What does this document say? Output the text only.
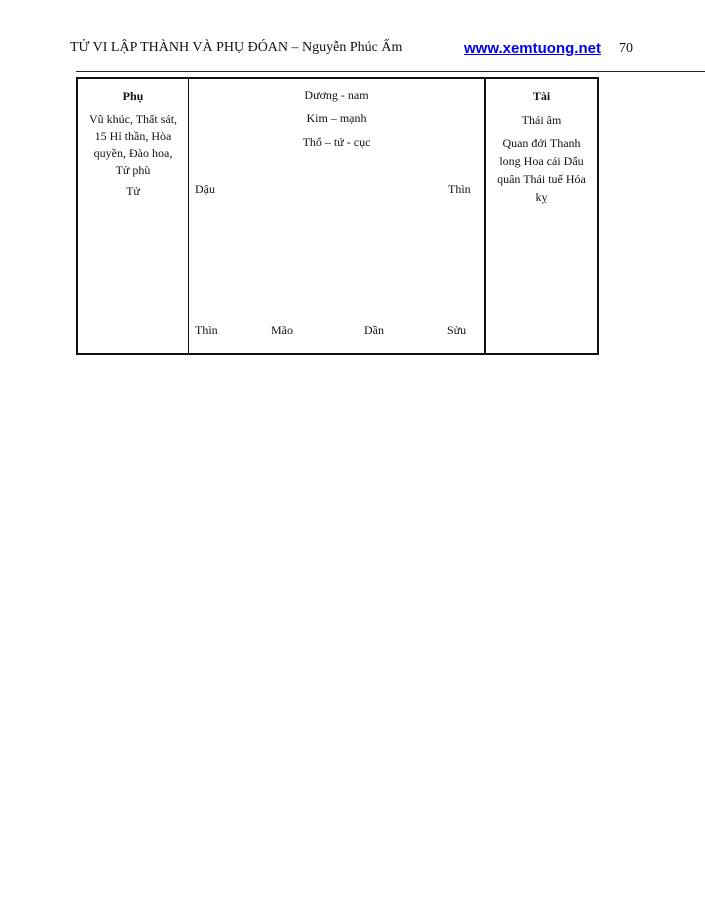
TỬ VI LẬP THÀNH VÀ PHỤ ĐÓAN – Nguyễn Phúc Ấm	www.xemtuong.net 70
Phụ
Vũ khúc, Thất sát,
15 Hỉ thần, Hòa
quyền, Đào hoa,
Tử phù
Tử
Dương - nam
Kim – mạnh
Thổ – tứ - cục
Dậu	Thìn
Thìn	Mão	Dần	Sửu
Tài
Thái âm
Quan đới Thanh
long Hoa cái Dẩu
quân Thái tuế Hóa
kỵ
